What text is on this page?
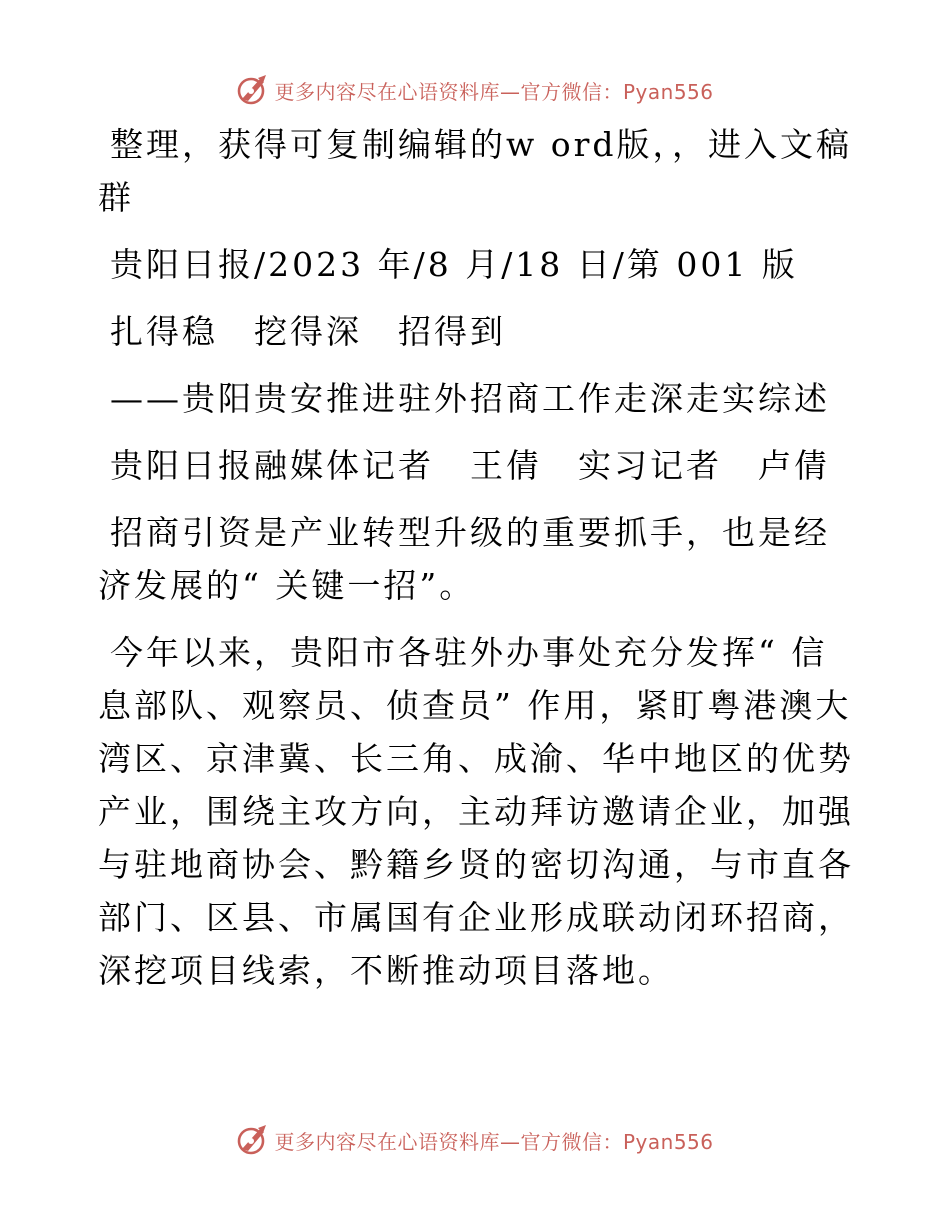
更多内容尽在心语资料库—官方微信：Pyan556

整理，获得可复制编辑的w ord版，，进入文稿群

贵阳日报/2023 年/8 月/18 日/第 001 版

扎得稳　挖得深　招得到

——贵阳贵安推进驻外招商工作走深走实综述

贵阳日报融媒体记者　王倩　实习记者　卢倩

招商引资是产业转型升级的重要抓手，也是经济发展的“ 关键一招”。

今年以来，贵阳市各驻外办事处充分发挥“ 信息部队、观察员、侦查员” 作用，紧盯粤港澳大湾区、京津冀、长三角、成渝、华中地区的优势产业，围绕主攻方向，主动拜访邀请企业，加强与驻地商协会、黔籍乡贤的密切沟通，与市直各部门、区县、市属国有企业形成联动闭环招商，深挖项目线索，不断推动项目落地。

更多内容尽在心语资料库—官方微信：Pyan556
